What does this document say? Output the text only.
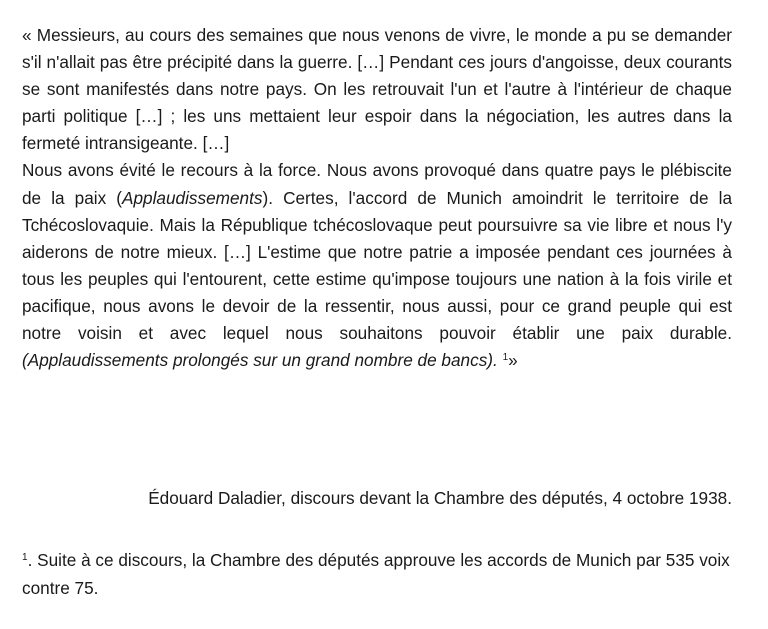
« Messieurs, au cours des semaines que nous venons de vivre, le monde a pu se demander s'il n'allait pas être précipité dans la guerre. […] Pendant ces jours d'angoisse, deux courants se sont manifestés dans notre pays. On les retrouvait l'un et l'autre à l'intérieur de chaque parti politique […] ; les uns mettaient leur espoir dans la négociation, les autres dans la fermeté intransigeante. […]

Nous avons évité le recours à la force. Nous avons provoqué dans quatre pays le plébiscite de la paix (Applaudissements). Certes, l'accord de Munich amoindrit le territoire de la Tchécoslovaquie. Mais la République tchécoslovaque peut poursuivre sa vie libre et nous l'y aiderons de notre mieux. […] L'estime que notre patrie a imposée pendant ces journées à tous les peuples qui l'entourent, cette estime qu'impose toujours une nation à la fois virile et pacifique, nous avons le devoir de la ressentir, nous aussi, pour ce grand peuple qui est notre voisin et avec lequel nous souhaitons pouvoir établir une paix durable. (Applaudissements prolongés sur un grand nombre de bancs). $^1$»

Édouard Daladier, discours devant la Chambre des députés, 4 octobre 1938.

$^1$. Suite à ce discours, la Chambre des députés approuve les accords de Munich par 535 voix contre 75.
